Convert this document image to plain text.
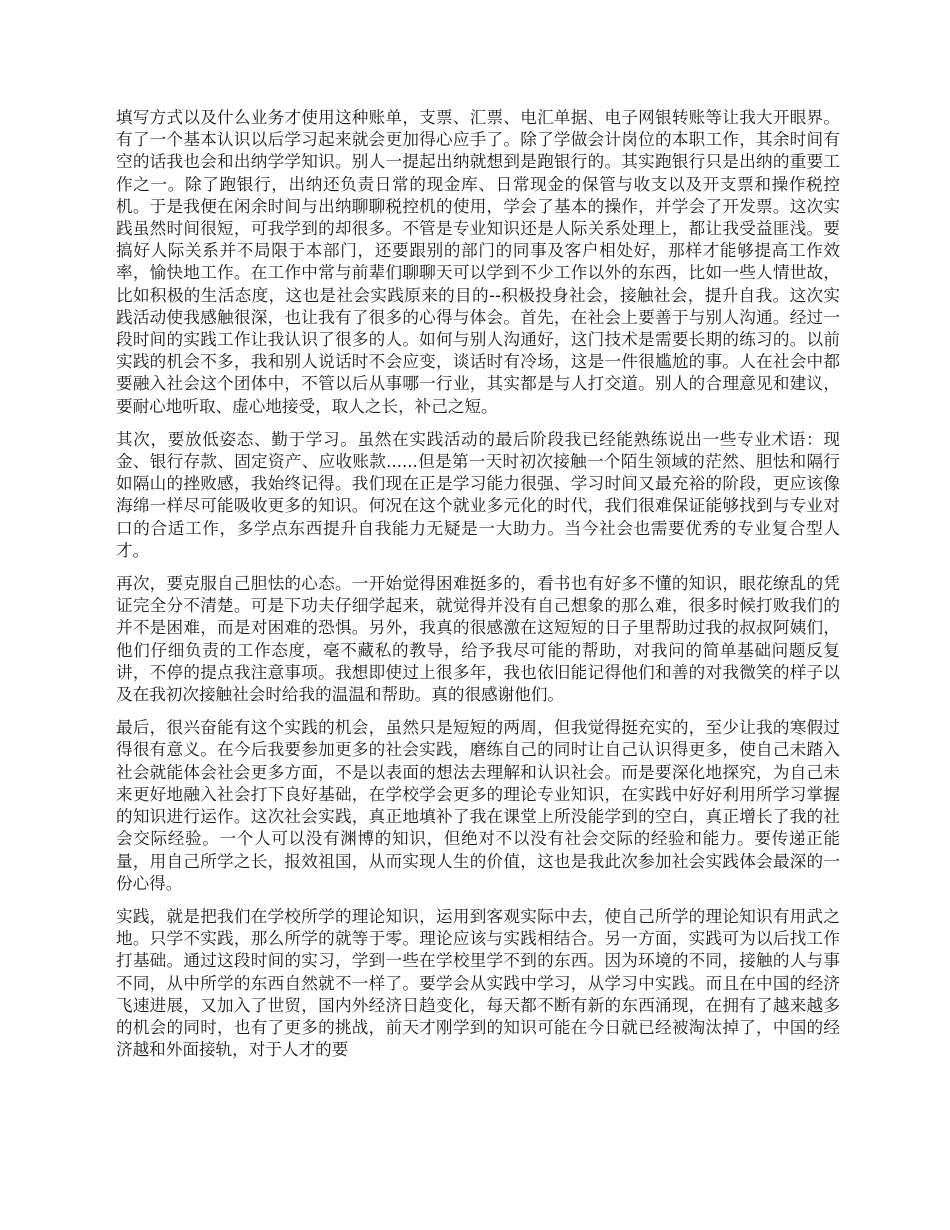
填写方式以及什么业务才使用这种账单，支票、汇票、电汇单据、电子网银转账等让我大开眼界。有了一个基本认识以后学习起来就会更加得心应手了。除了学做会计岗位的本职工作，其余时间有空的话我也会和出纳学学知识。别人一提起出纳就想到是跑银行的。其实跑银行只是出纳的重要工作之一。除了跑银行，出纳还负责日常的现金库、日常现金的保管与收支以及开支票和操作税控机。于是我便在闲余时间与出纳聊聊税控机的使用，学会了基本的操作，并学会了开发票。这次实践虽然时间很短，可我学到的却很多。不管是专业知识还是人际关系处理上，都让我受益匪浅。要搞好人际关系并不局限于本部门，还要跟别的部门的同事及客户相处好，那样才能够提高工作效率，愉快地工作。在工作中常与前辈们聊聊天可以学到不少工作以外的东西，比如一些人情世故，比如积极的生活态度，这也是社会实践原来的目的--积极投身社会，接触社会，提升自我。这次实践活动使我感触很深，也让我有了很多的心得与体会。首先，在社会上要善于与别人沟通。经过一段时间的实践工作让我认识了很多的人。如何与别人沟通好，这门技术是需要长期的练习的。以前实践的机会不多，我和别人说话时不会应变，谈话时有冷场，这是一件很尴尬的事。人在社会中都要融入社会这个团体中，不管以后从事哪一行业，其实都是与人打交道。别人的合理意见和建议，要耐心地听取、虚心地接受，取人之长，补己之短。

其次，要放低姿态、勤于学习。虽然在实践活动的最后阶段我已经能熟练说出一些专业术语：现金、银行存款、固定资产、应收账款......但是第一天时初次接触一个陌生领域的茫然、胆怯和隔行如隔山的挫败感，我始终记得。我们现在正是学习能力很强、学习时间又最充裕的阶段，更应该像海绵一样尽可能吸收更多的知识。何况在这个就业多元化的时代，我们很难保证能够找到与专业对口的合适工作，多学点东西提升自我能力无疑是一大助力。当今社会也需要优秀的专业复合型人才。

再次，要克服自己胆怯的心态。一开始觉得困难挺多的，看书也有好多不懂的知识，眼花缭乱的凭证完全分不清楚。可是下功夫仔细学起来，就觉得并没有自己想象的那么难，很多时候打败我们的并不是困难，而是对困难的恐惧。另外，我真的很感激在这短短的日子里帮助过我的叔叔阿姨们，他们仔细负责的工作态度，毫不藏私的教导，给予我尽可能的帮助，对我问的简单基础问题反复讲，不停的提点我注意事项。我想即使过上很多年，我也依旧能记得他们和善的对我微笑的样子以及在我初次接触社会时给我的温温和帮助。真的很感谢他们。

最后，很兴奋能有这个实践的机会，虽然只是短短的两周，但我觉得挺充实的，至少让我的寒假过得很有意义。在今后我要参加更多的社会实践，磨练自己的同时让自己认识得更多，使自己未踏入社会就能体会社会更多方面，不是以表面的想法去理解和认识社会。而是要深化地探究，为自己未来更好地融入社会打下良好基础，在学校学会更多的理论专业知识，在实践中好好利用所学习掌握的知识进行运作。这次社会实践，真正地填补了我在课堂上所没能学到的空白，真正增长了我的社会交际经验。一个人可以没有渊博的知识，但绝对不以没有社会交际的经验和能力。要传递正能量，用自己所学之长，报效祖国，从而实现人生的价值，这也是我此次参加社会实践体会最深的一份心得。

实践，就是把我们在学校所学的理论知识，运用到客观实际中去，使自己所学的理论知识有用武之地。只学不实践，那么所学的就等于零。理论应该与实践相结合。另一方面，实践可为以后找工作打基础。通过这段时间的实习，学到一些在学校里学不到的东西。因为环境的不同，接触的人与事不同，从中所学的东西自然就不一样了。要学会从实践中学习，从学习中实践。而且在中国的经济飞速进展，又加入了世贸，国内外经济日趋变化，每天都不断有新的东西涌现，在拥有了越来越多的机会的同时，也有了更多的挑战，前天才刚学到的知识可能在今日就已经被淘汰掉了，中国的经济越和外面接轨，对于人才的要
